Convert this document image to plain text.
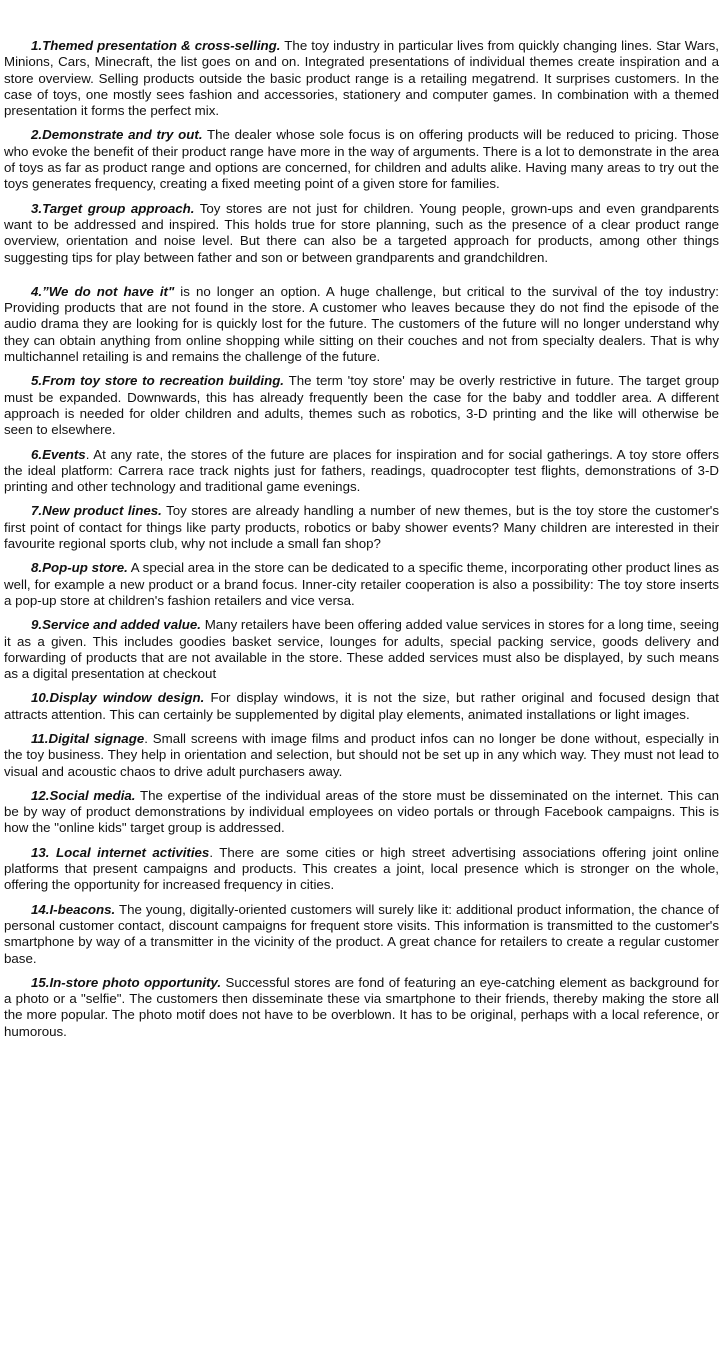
1.Themed presentation & cross-selling. The toy industry in particular lives from quickly changing lines. Star Wars, Minions, Cars, Minecraft, the list goes on and on. Integrated presentations of individual themes create inspiration and a store overview. Selling products outside the basic product range is a retailing megatrend. It surprises customers. In the case of toys, one mostly sees fashion and accessories, stationery and computer games. In combination with a themed presentation it forms the perfect mix.

2.Demonstrate and try out. The dealer whose sole focus is on offering products will be reduced to pricing. Those who evoke the benefit of their product range have more in the way of arguments. There is a lot to demonstrate in the area of toys as far as product range and options are concerned, for children and adults alike. Having many areas to try out the toys generates frequency, creating a fixed meeting point of a given store for families.

3.Target group approach. Toy stores are not just for children. Young people, grown-ups and even grandparents want to be addressed and inspired. This holds true for store planning, such as the presence of a clear product range overview, orientation and noise level. But there can also be a targeted approach for products, among other things suggesting tips for play between father and son or between grandparents and grandchildren.

4.”We do not have it" is no longer an option. A huge challenge, but critical to the survival of the toy industry: Providing products that are not found in the store. A customer who leaves because they do not find the episode of the audio drama they are looking for is quickly lost for the future. The customers of the future will no longer understand why they can obtain anything from online shopping while sitting on their couches and not from specialty dealers. That is why multichannel retailing is and remains the challenge of the future.

5.From toy store to recreation building. The term 'toy store' may be overly restrictive in future. The target group must be expanded. Downwards, this has already frequently been the case for the baby and toddler area. A different approach is needed for older children and adults, themes such as robotics, 3-D printing and the like will otherwise be seen to elsewhere.

6.Events. At any rate, the stores of the future are places for inspiration and for social gatherings. A toy store offers the ideal platform: Carrera race track nights just for fathers, readings, quadrocopter test flights, demonstrations of 3-D printing and other technology and traditional game evenings.

7.New product lines. Toy stores are already handling a number of new themes, but is the toy store the customer's first point of contact for things like party products, robotics or baby shower events? Many children are interested in their favourite regional sports club, why not include a small fan shop?

8.Pop-up store. A special area in the store can be dedicated to a specific theme, incorporating other product lines as well, for example a new product or a brand focus. Inner-city retailer cooperation is also a possibility: The toy store inserts a pop-up store at children's fashion retailers and vice versa.

9.Service and added value. Many retailers have been offering added value services in stores for a long time, seeing it as a given. This includes goodies basket service, lounges for adults, special packing service, goods delivery and forwarding of products that are not available in the store. These added services must also be displayed, by such means as a digital presentation at checkout

10.Display window design. For display windows, it is not the size, but rather original and focused design that attracts attention. This can certainly be supplemented by digital play elements, animated installations or light images.

11.Digital signage. Small screens with image films and product infos can no longer be done without, especially in the toy business. They help in orientation and selection, but should not be set up in any which way. They must not lead to visual and acoustic chaos to drive adult purchasers away.

12.Social media. The expertise of the individual areas of the store must be disseminated on the internet. This can be by way of product demonstrations by individual employees on video portals or through Facebook campaigns. This is how the "online kids" target group is addressed.

13. Local internet activities. There are some cities or high street advertising associations offering joint online platforms that present campaigns and products. This creates a joint, local presence which is stronger on the whole, offering the opportunity for increased frequency in cities.

14.I-beacons. The young, digitally-oriented customers will surely like it: additional product information, the chance of personal customer contact, discount campaigns for frequent store visits. This information is transmitted to the customer's smartphone by way of a transmitter in the vicinity of the product. A great chance for retailers to create a regular customer base.

15.In-store photo opportunity. Successful stores are fond of featuring an eye-catching element as background for a photo or a "selfie". The customers then disseminate these via smartphone to their friends, thereby making the store all the more popular. The photo motif does not have to be overblown. It has to be original, perhaps with a local reference, or humorous.
